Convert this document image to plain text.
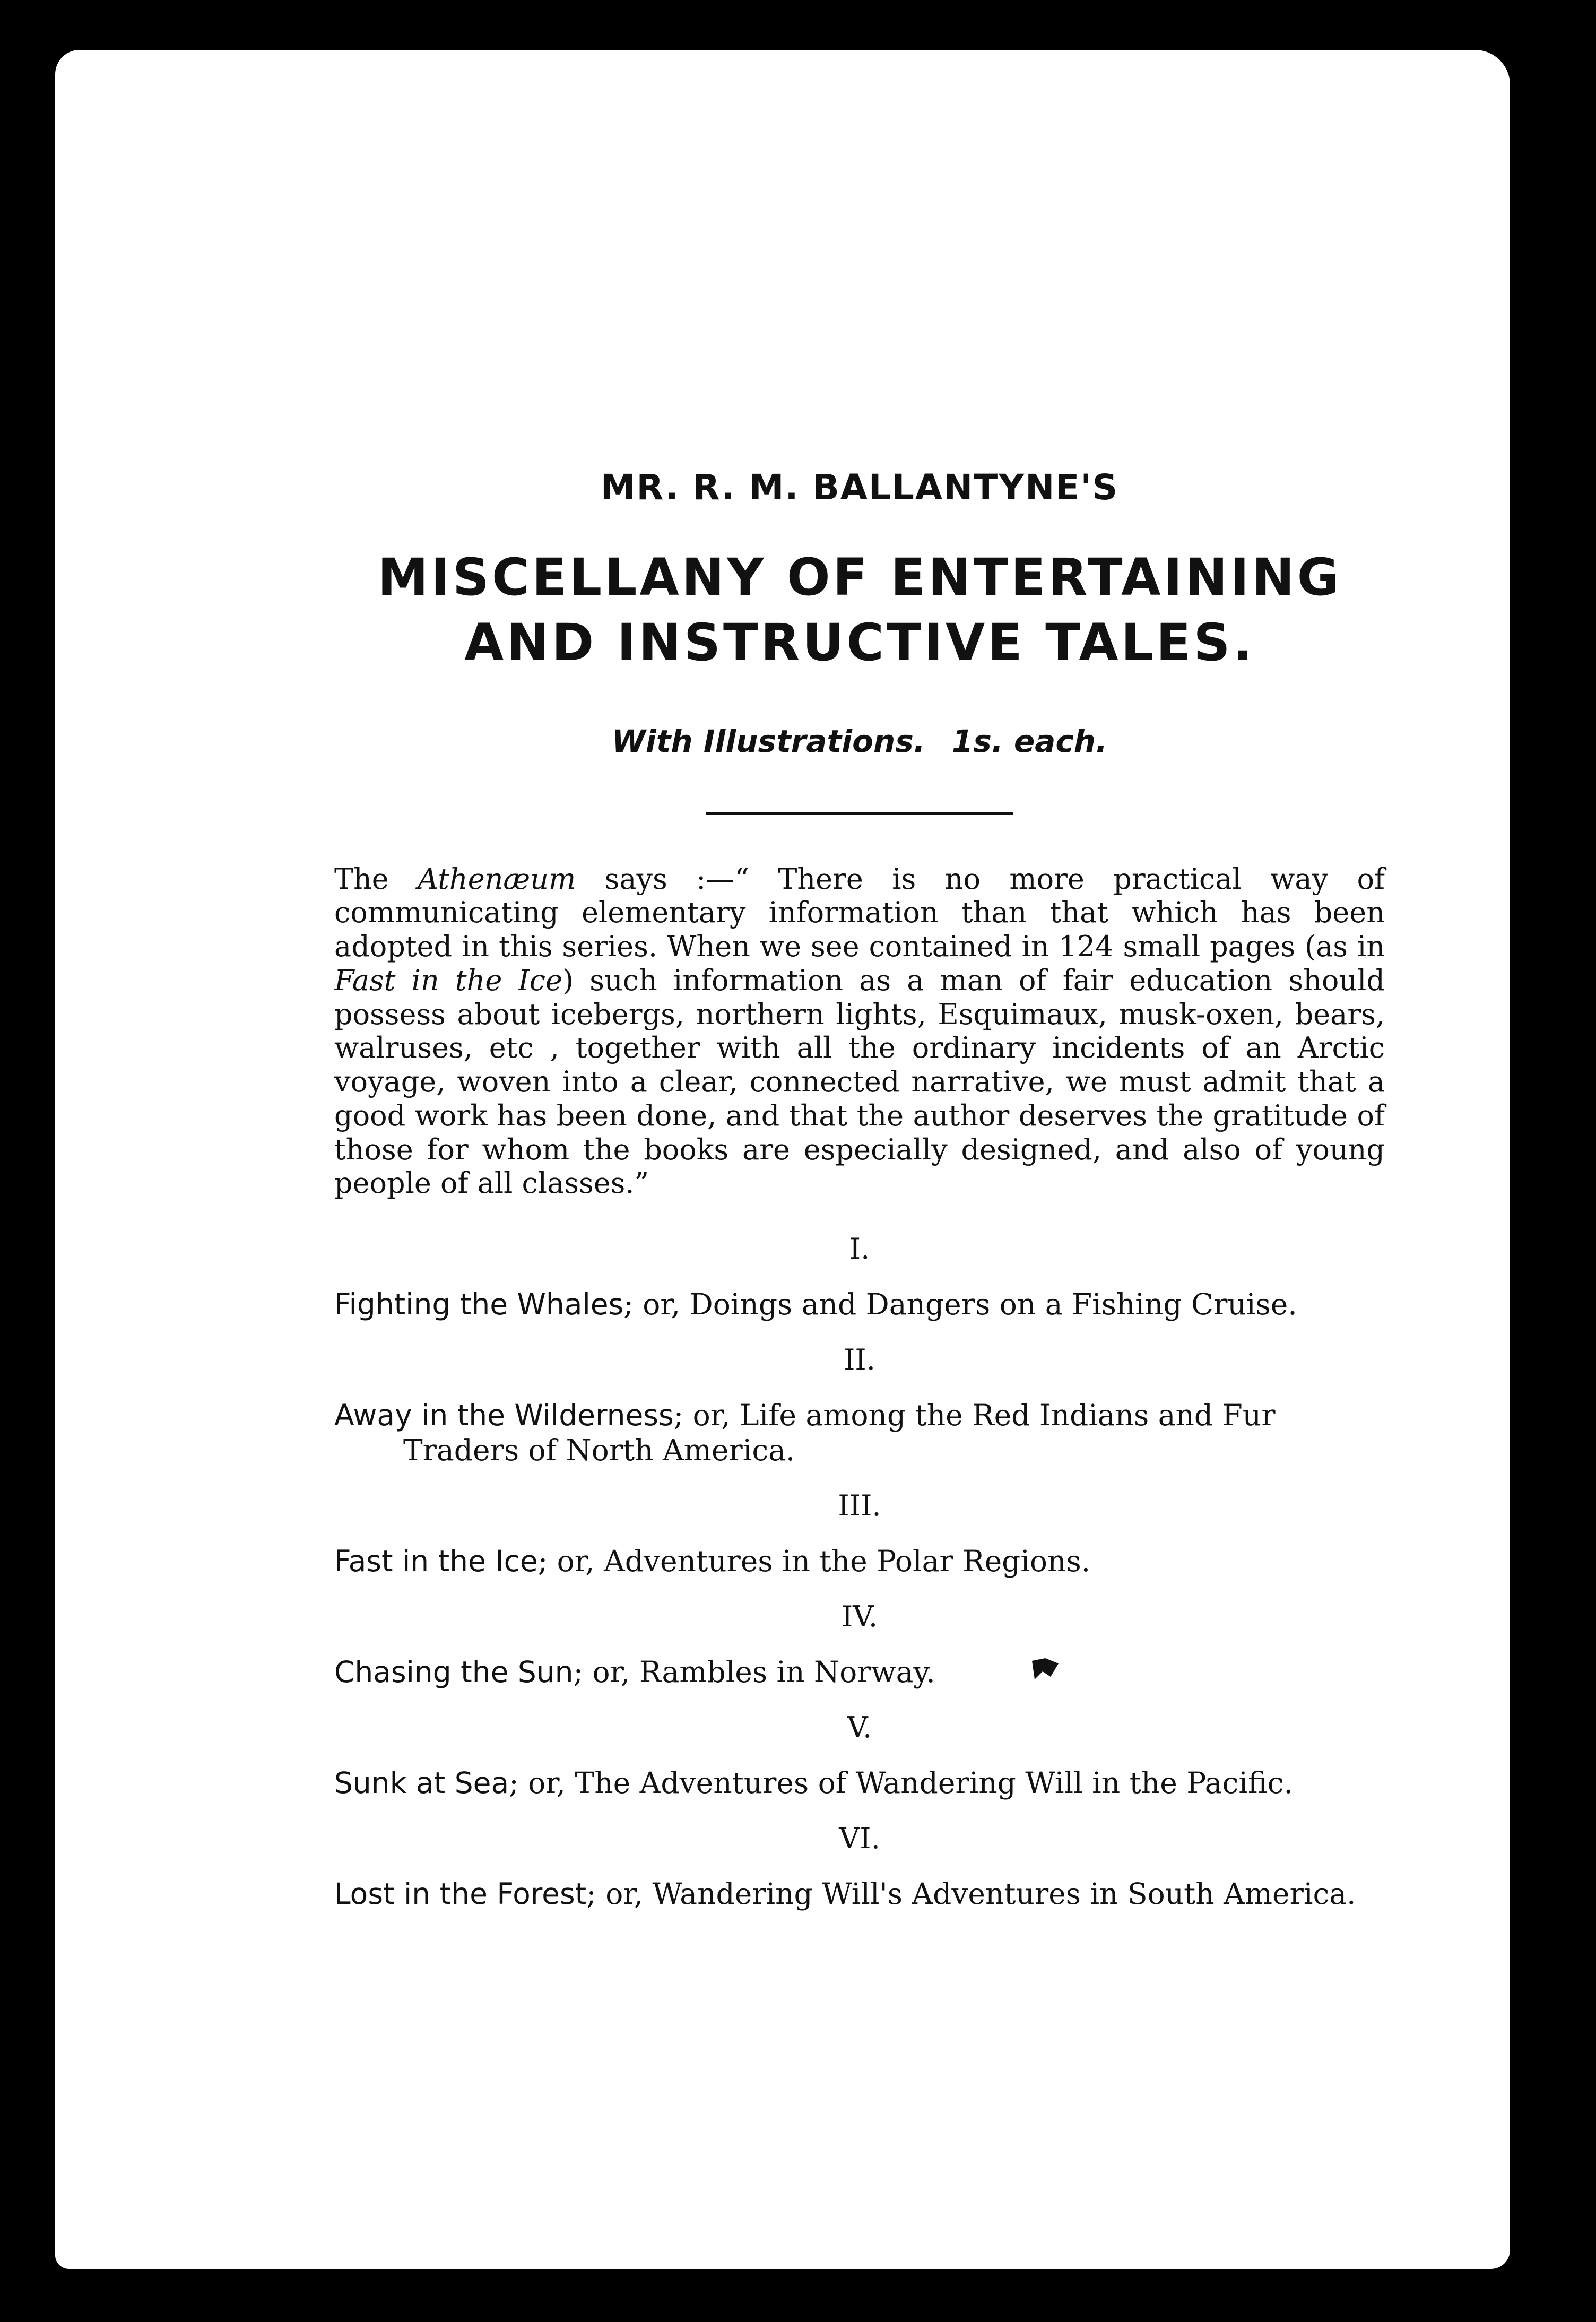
MR. R. M. BALLANTYNE'S

MISCELLANY OF ENTERTAINING
AND INSTRUCTIVE TALES.

With Illustrations. 1s. each.

The Athenæum says :—“ There is no more practical way of communicating elementary information than that which has been adopted in this series. When we see contained in 124 small pages (as in Fast in the Ice) such information as a man of fair education should possess about icebergs, northern lights, Esquimaux, musk-oxen, bears, walruses, etc , together with all the ordinary incidents of an Arctic voyage, woven into a clear, connected narrative, we must admit that a good work has been done, and that the author deserves the gratitude of those for whom the books are especially designed, and also of young people of all classes.”

I.

Fighting the Whales; or, Doings and Dangers on a Fishing Cruise.

II.

Away in the Wilderness; or, Life among the Red Indians and Fur Traders of North America.

III.

Fast in the Ice; or, Adventures in the Polar Regions.

IV.

Chasing the Sun; or, Rambles in Norway.

V.

Sunk at Sea; or, The Adventures of Wandering Will in the Pacific.

VI.

Lost in the Forest; or, Wandering Will's Adventures in South America.
